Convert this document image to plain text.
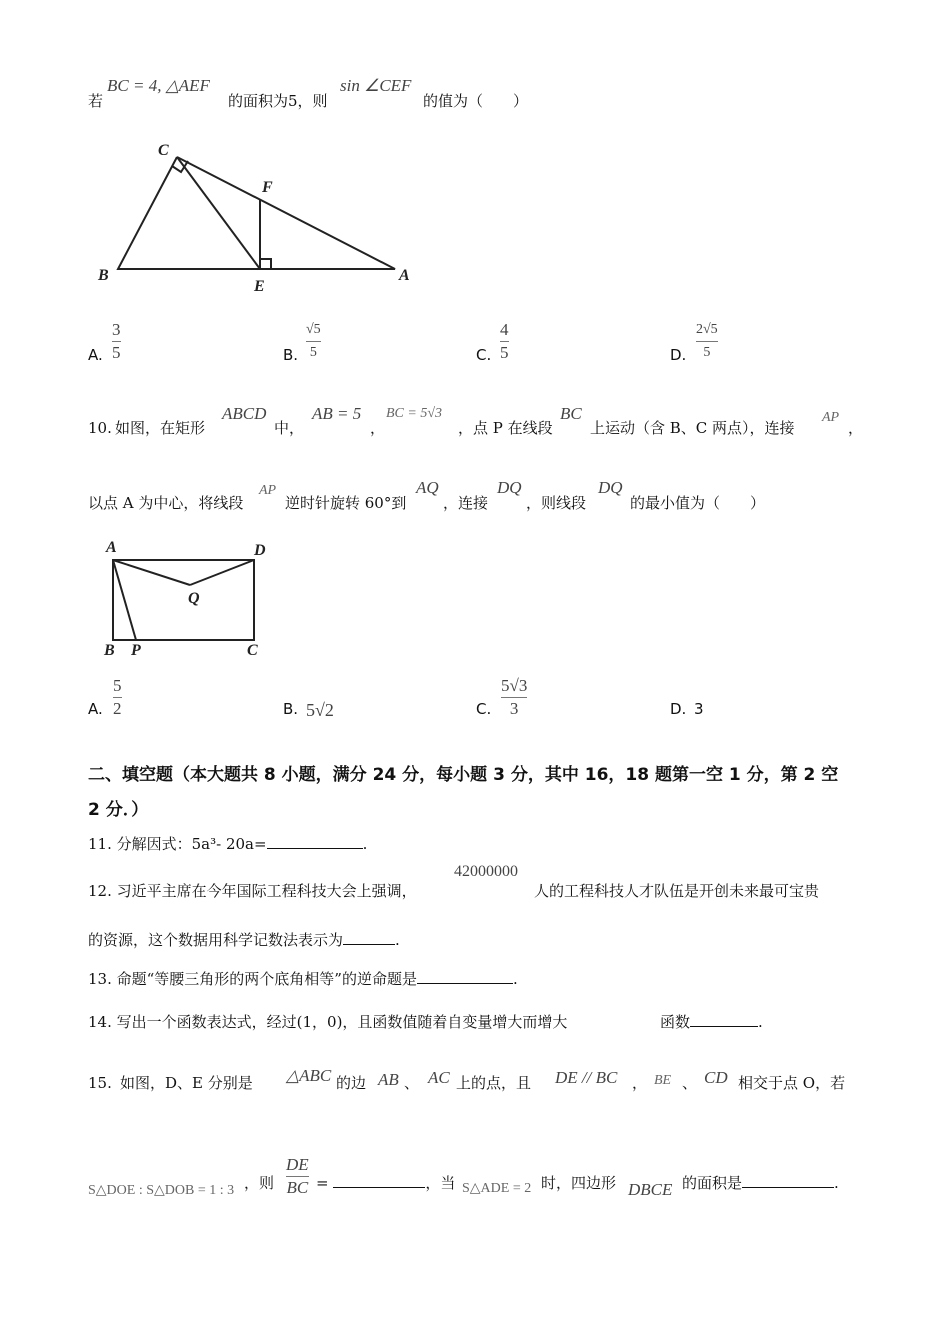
若
BC = 4, △AEF
的面积为5，则
sin ∠CEF
的值为（　　）
C
F
B
E
A
A.
3
5	B.
√5
5	C.
4
5	D.
2√5
5
10. 如图，在矩形
ABCD
中，
AB = 5
，
BC = 5√3
，点 P 在线段
BC
上运动（含 B、C 两点），连接
AP
，
以点 A 为中心，将线段
AP
逆时针旋转 60°到
AQ
，连接
DQ
，则线段
DQ
的最小值为（　　）
A	D
Q
B P	C
A.
5
2	B. 5√2	C.
5√3
3	D. 3
二、填空题（本大题共 8 小题，满分 24 分，每小题 3 分，其中 16，18 题第一空 1 分，第 2 空
2 分．）
11. 分解因式：5a³- 20a=	.
12. 习近平主席在今年国际工程科技大会上强调，
42000000
人的工程科技人才队伍是开创未来最可宝贵
的资源，这个数据用科学记数法表示为	.
13. 命题“等腰三角形的两个底角相等”的逆命题是	.
14. 写出一个函数表达式，经过(1，0)，且函数值随着自变量增大而增大	函数	.
15. 如图，D、E 分别是 △ABC 的边 AB 、 AC 上的点，且 DE // BC ， BE 、 CD 相交于点 O，若
S△DOE : S△DOB = 1 : 3 ，则
DE
BC =	，当 S△ADE = 2 时，四边形 DBCE 的面积是	.
